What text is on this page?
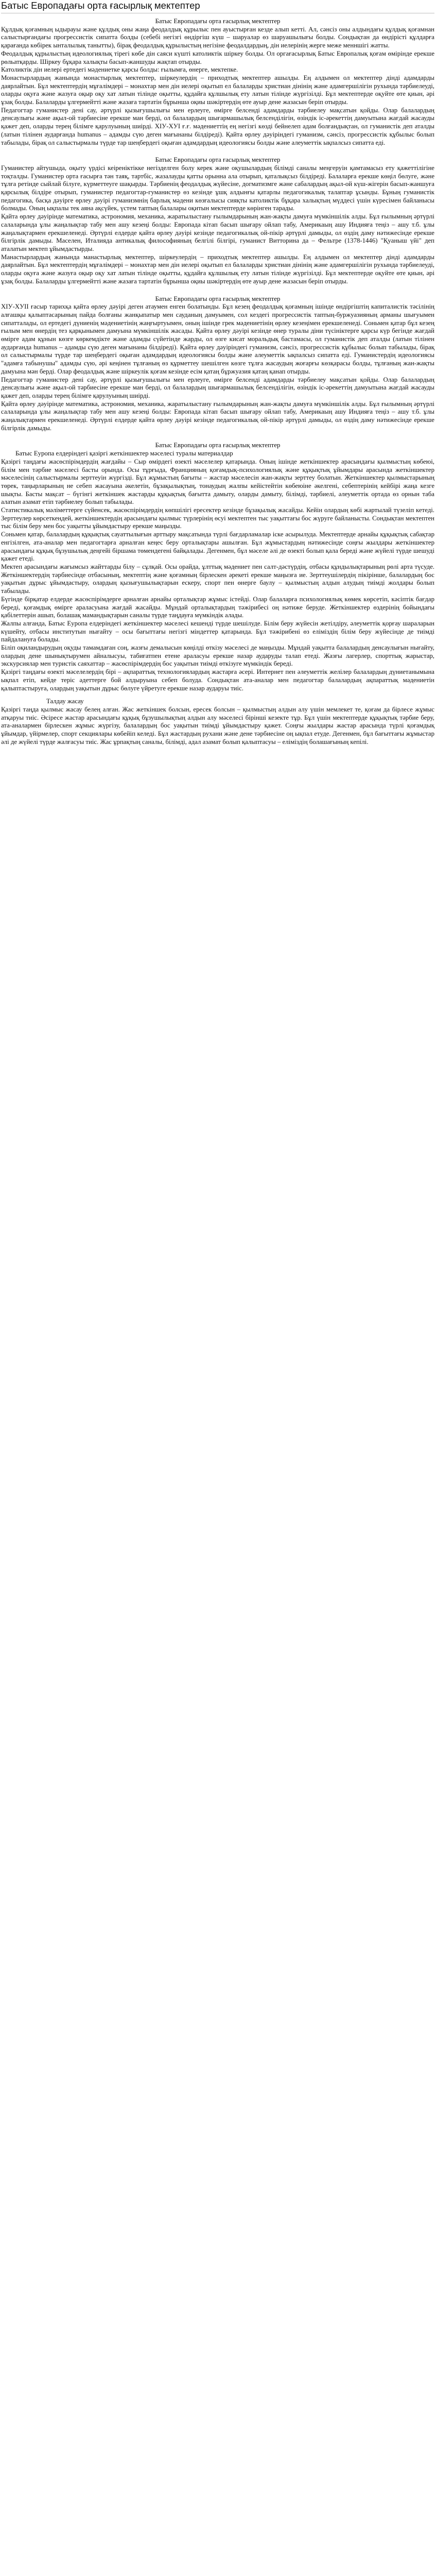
Батыс Европадағы орта ғасырлық мектептер

Батыс Европадағы орта ғасырлық мектептер

Құлдық қоғамның ыдырауы және құлдық оны жаңа феодалдық құрылыс пен ауыстырған кезде алып кетті. Ал, сәнсіз оны алдындағы құлдық қоғамнан салыстырғандағы прогрессистік сипатта болды (себебі негізгі өндіргіш күш – шаруалар өз шаруашылығы болды. Сондықтан да өндірісті құлдарға қарағанда көбірек ынталылық танытты), бірақ феодалдық құрылыстың негізіне феодалдардың, дін иелерінің жерге меже менншігі жатты.

Феодалдық құрылыстың идеологиялық тірегі көбе дін саяси күшті католиктік шіркеу болды. Ол оргағасырлық Батыс Европалық қоғам өмірінде ерекше рөльатқарды. Шіркеу бұқара халықты басып-жаншуды жақтап отырды.

Католиктік дін иелері ертедегі мәдениетке қарсы болды: ғылымға, өнерге, мектепке.

Монастырлардың жанында монастырлық мектептер, шіркеулердің – приходтық мектептер ашылды. Ең алдымен ол мектептер дінді адамдарды даярлайтын. Бұл мектептердің мұғалімдері – монахтар мен дін иелері оқытып ел балаларды христиан дінінің және адамгершілігін рухында тәрбиелеуді, оларды оқуға және жазуға оқыр оқу хат латын тілінде оқытты, құдайға құлшылық ету латын тілінде жүргізілді. Бұл мектептерде оқуйте өте қиын, әрі ұзақ болды. Балаларды ұлгермейтті және жазаға тартатін бұрынша оқиы шәкіртердің өте ауыр дене жазасын беріп отырды.

Педагогтар гуманистер дені сау, әртүрлі қызығушылығы мен ерлеуге, өмірге белсенді адамдарды тәрбиелеу мақсатын қойды. Олар балалардың денсаулығы және ақыл-ой тәрбиесіне ерекше ман берді, ол балалардың шығармашылық белсенділігін, өзіндік іс-әрекеттің дамуытына жағдай жасауды қажет деп, оларды терең білімге қарулуының шиірді. ХІУ-ХУІ ғ.ғ. мәдениеттің ең негізгі көзді бейнелеп адам болғандықтан, ол гуманистік деп аталды (латын тілінен аударғанда humanus – адамды сүю деген мағынаны білдіреді). Қайта өрлеу дәуіріндегі гуманизм, сәнсіз, прогрессистік құбылыс болып табылады, бірақ ол салыстырмалы түрде тар шеңбердегі оқыған адамдардың идеологиясы болды және алеуметтік ықпалсыз сипатта еді.

Батыс Европадағы орта ғасырлық мектептер

Гуманистер айтушыда, оқыту үрдісі кеіреніктікке негізделген болу керек және оқушылардың білімді саналы меңгеруін қамтамасыз ету қажеттілігіне тоқталды. Гуманистер орта ғасырға тән таяқ, тартбіс, жазалауды қатты орынна ала отырып, қаталықсыз білдіреді. Балаларға ерекше көңіл бөлуге, және тұлға ретінде сыйлай білуге, күрметтеуге шақырды. Тәрбиенің феодалдық жүйесіне, догматизмге және сабалардың ақыл-ой күш-жігерін басып-жаншуға қарсылық білдіре отырып, гуманистер педагогтар-гуманистер өз кезінде ұшқ алдынғы қатарлы педагогикалық талаптар ұсынды. Бұның гуманистік педагогика, басқа дәуірге өрлеу дәуірі гуманизмнің барлық мәдени көзғалысы сияқты католиктік бұқара халықтың мүддесі үшін күресімен байланысы болмады. Оның ықпалы тек аяна ақсүйек, үстем таптың балалары оқитын мектептерде көрінген тарады.

Қайта өрлеу дәуірінде математика, астрономия, механика, жаратылыстану ғылымдарының жан-жақты дамуға мүмкіншілік алды. Бұл ғылымның әртүрлі салаларында ұлы жаңалықтар табу мен ашу кезеңі болды: Европада кітап басып шығару ойлап табу, Америкаың ашу Индияға теңіз – ашу т.б. ұлы жаңалықтармен ерекшеленеді. Әртүрлі елдерде қайта өрлеу дәуірі кезінде педагогикалық ой-пікір әртүрлі дамыды, ол өздің даму нәтижесінде ерекше білгірлік дамыды. Маселен, Италияда антикалық философияның белгілі білгірі, гуманист Витторина да – Фельтре (1378-1446) "Қуаныш үйі" деп аталатын мектеп ұйымдастырды.

Манастырлардың жанында манастырлық мектептер, шіркеулердің – приходтық мектептер ашылды. Ең алдымен ол мектептер дінді адамдарды даярлайтын. Бұл мектептердің мұғалімдері – монахтар мен дін иелері оқытып ел балаларды христиан дінінің және адамгершілігін рухында тәрбиелеуді, оларды оқуға және жазуға оқыр оқу хат латын тілінде оқытты, құдайға құлшылық ету латын тілінде жүргізілді. Бұл мектептерде оқуйте өте қиын, әрі ұзақ болды. Балаларды ұлгермейтті және жазаға тартатін бұрынша оқиы шәкіртердің өте ауыр дене жазасын беріп отырды.

Батыс Европадағы орта ғасырлық мектептер

ХІУ-ХУІІ ғасыр тарихқа қайта өрлеу дәуірі деген атаумен енген болатынды. Бұл кезең феодалдық қоғамның ішінде өндіргіштің капиталистік тәсілінің алғашқы қалыптасарының пайда болғаны жанқыпатыр мен сауданың дамуымен, сол кездегі прогрессистік таптың-буржуазияның арманы шығуымен сипатталады, ол ертедегі дүниенің мәдениетінің жаңғыртуымен, оның ішінде грек мәдениетінің өрлеу кезеңімен ерекшеленеді. Соньмен қатар бұл кезең ғылым мен өнердің тез қарқынымен дамуына мүмкіншілік жасады. Қайта өрлеу дәуірі кезінде өнер туралы діни түсініктерге қарсы күр бегінде жағдай өмірге адам құнын көзге көркемдікте және адамды сүйетінде жарды, ол өзге кисат моральдық бастамасы, ол гуманистік деп аталды (латын тілінен аударғанда humanus – адамды сүю деген мағынаны білдіреді). Қайта өрлеу дәуіріндегі гуманизм, сәнсіз, прогрессистік құбылыс болып табылады, бірақ ол салыстырмалы түрде тар шеңбердегі оқыған адамдардың идеологиясы болды және алеуметтік ықпалсыз сипатта еді. Гуманистердің идеологиясы "адамға табынушы" адамды сүю, әрі кеңінен тұлғаның өз құрметтеу шешілген көзге тұлға жасаудың жоғарғы көзқарасы болды, тұлғаның жан-жақты дамуына мән берді. Олар феодалдық және шіркеулік қоғам кезінде есім қатаң бұржуазия қатаң қанап отырды.

Педагогтар гуманистер дені сау, әртүрлі қызығушылығы мен ерлеуге, өмірге белсенді адамдарды тәрбиелеу мақсатын қойды. Олар балалардың денсаулығы және ақыл-ой тәрбиесіне ерекше ман берді, ол балалардың шығармашылық белсенділігін, өзіндік іс-әрекеттің дамуытына жағдай жасауды қажет деп, оларды терең білімге қарулуының шиірді.

Қайта өрлеу дәуірінде математика, астрономия, механика, жаратылыстану ғылымдарының жан-жақты дамуға мүмкіншілік алды. Бұл ғылымның әртүрлі салаларында ұлы жаңалықтар табу мен ашу кезеңі болды: Европада кітап басып шығару ойлап табу, Америкаың ашу Индияға теңіз – ашу т.б. ұлы жаңалықтармен ерекшеленеді. Әртүрлі елдерде қайта өрлеу дәуірі кезінде педагогикалық ой-пікір әртүрлі дамыды, ол өздің даму нәтижесінде ерекше білгірлік дамыды.

Батыс Европадағы орта ғасырлық мектептер

Батыс Еуропа елдеріндегі қазіргі жеткіншектер мәселесі туралы материалдар

Қазіргі таңдағы жасөспірімдердің жағдайы – Сыр өмірдегі өзекті мәселелер қатарында. Оның ішінде жеткіншектер арасындағы қылмыстың көбеюі, білім мен тәрбие мәселесі басты орында. Осы тұрғыда, Францияның қоғамдық-психологиялық және құқықтық ұйымдары арасында жеткіншектер мәселесінің салыстырмалы зерттеуін жүргізді. Бұл жұмыстың бағыты – жастар мәселесін жан-жақты зерттеу болатын. Жеткіншектер қылмыстарының төрек, таңырларының не себеп жасауына әкелетін, бұзақылықтың, тонаудың жалпы кейістейтін көбеюіне әкелгені, себептерінің кейбірі жаңа кезге шықты. Басты мақсат – бүгінгі жеткіншек жастарды құқықтық бағытта дамыту, оларды дамыту, білімді, тәрбиелі, әлеуметтік ортада өз орнын таба алатын азамат етіп тәрбиелеу болып табылады.

Статистикалық мәліметтерге сүйенсек, жасөспірімдердің көпшілігі ересектер кезінде бұзақылық жасайды. Кейін олардың көбі жартылай түзеліп кетеді. Зерттеулер көрсеткендей, жеткіншектердің арасындағы қылмыс түрлерінің өсуі мектептен тыс уақыттағы бос жүруге байланысты. Сондықтан мектептен тыс білім беру мен бос уақытты ұйымдастыру ерекше маңызды.

Соньмен қатар, балалардың құқықтық сауаттылығын арттыру мақсатында түрлі бағдарламалар іске асырылуда. Мектептерде арнайы құқықтық сабақтар енгізілген, ата-аналар мен педагогтарға арналған кеңес беру орталықтары ашылған. Бұл жұмыстардың нәтижесінде соңғы жылдары жеткіншектер арасындағы құқық бұзушылық деңгейі біршама төмендегені байқалады. Дегенмен, бұл мәселе әлі де өзекті болып қала береді және жүйелі түрде шешуді қажет етеді.

Мектеп арасындағы жағымсыз жайттарды білу – сұлқай. Осы орайда, ұлттық мәдениет пен салт-дәстүрдің, отбасы құндылықтарының рөлі арта түсуде. Жеткіншектердің тәрбиесінде отбасының, мектептің және қоғамның бірлескен әрекеті ерекше маңызға ие. Зерттеушілердің пікірінше, балалардың бос уақытын дұрыс ұйымдастыру, олардың қызығушылықтарын ескеру, спорт пен өнерге баулу – қылмыстың алдын алудың тиімді жолдары болып табылады.

Бүгінде бірқатар елдерде жасөспірімдерге арналған арнайы орталықтар жұмыс істейді. Олар балаларға психологиялық көмек көрсетіп, кәсіптік бағдар береді, қоғамдық өмірге араласуына жағдай жасайды. Мұндай орталықтардың тәжірибесі оң нәтиже беруде. Жеткіншектер өздерінің бойындағы қабілеттерін ашып, болашақ мамандықтарын саналы түрде таңдауға мүмкіндік алады.

Жалпы алғанда, Батыс Еуропа елдеріндегі жеткіншектер мәселесі кешенді түрде шешілуде. Білім беру жүйесін жетілдіру, әлеуметтік қорғау шараларын күшейту, отбасы институтын нығайту – осы бағыттағы негізгі міндеттер қатарында. Бұл тәжірибені өз еліміздің білім беру жүйесінде де тиімді пайдалануға болады.

Біліп оқиландырудың оқуды тамамдаған соң, жазғы демалысын көңілді өткізу мәселесі де маңызды. Мұндай уақытта балалардың денсаулығын нығайту, олардың дене шынықтырумен айналысуы, табиғатпен етене араласуы ерекше назар аударуды талап етеді. Жазғы лагерлер, спорттық жарыстар, экскурсиялар мен туристік саяхаттар – жасөспірімдердің бос уақытын тиімді өткізуге мүмкіндік береді.

Қазіргі таңдағы өзекті мәселелердің бірі – ақпараттық технологиялардың жастарға әсері. Интернет пен әлеуметтік желілер балалардың дүниетанымына ықпал етіп, кейде теріс әдеттерге бой алдыруына себеп болуда. Сондықтан ата-аналар мен педагогтар балалардың ақпараттық мәдениетін қалыптастыруға, олардың уақытын дұрыс бөлуге үйретуге ерекше назар аударуы тиіс.

Талдау жасау

Қазіргі таңда қылмыс жасау белең алған. Жас жеткіншек болсын, ересек болсын – қылмыстың алдын алу үшін мемлекет те, қоғам да бірлесе жұмыс атқаруы тиіс. Әсіресе жастар арасындағы құқық бұзушылықтың алдын алу мәселесі бірінші кезекте тұр. Бұл үшін мектептерде құқықтық тәрбие беру, ата-аналармен бірлескен жұмыс жүргізу, балалардың бос уақытын тиімді ұйымдастыру қажет. Соңғы жылдары жастар арасында түрлі қоғамдық ұйымдар, үйірмелер, спорт секциялары көбейіп келеді. Бұл жастардың рухани және дене тәрбиесіне оң ықпал етуде. Дегенмен, бұл бағыттағы жұмыстар әлі де жүйелі түрде жалғасуы тиіс. Жас ұрпақтың саналы, білімді, адал азамат болып қалыптасуы – еліміздің болашағының кепілі.
